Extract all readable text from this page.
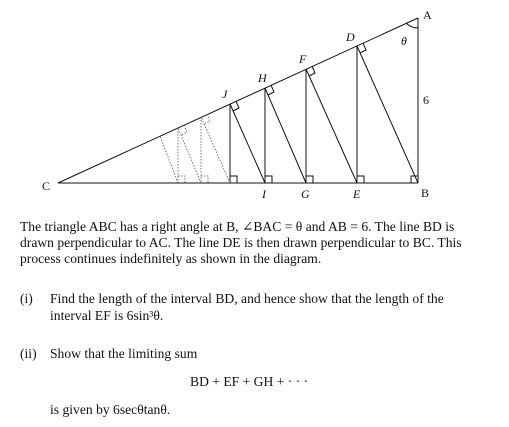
A
B
C
D
E
F
G
H
I
J
θ
6
The triangle ABC has a right angle at B, ∠BAC = θ and AB = 6. The line BD is
drawn perpendicular to AC. The line DE is then drawn perpendicular to BC. This
process continues indefinitely as shown in the diagram.
(i) Find the length of the interval BD, and hence show that the length of the
interval EF is 6sin³θ.
(ii) Show that the limiting sum
BD + EF + GH + · · ·
is given by 6secθtanθ.
